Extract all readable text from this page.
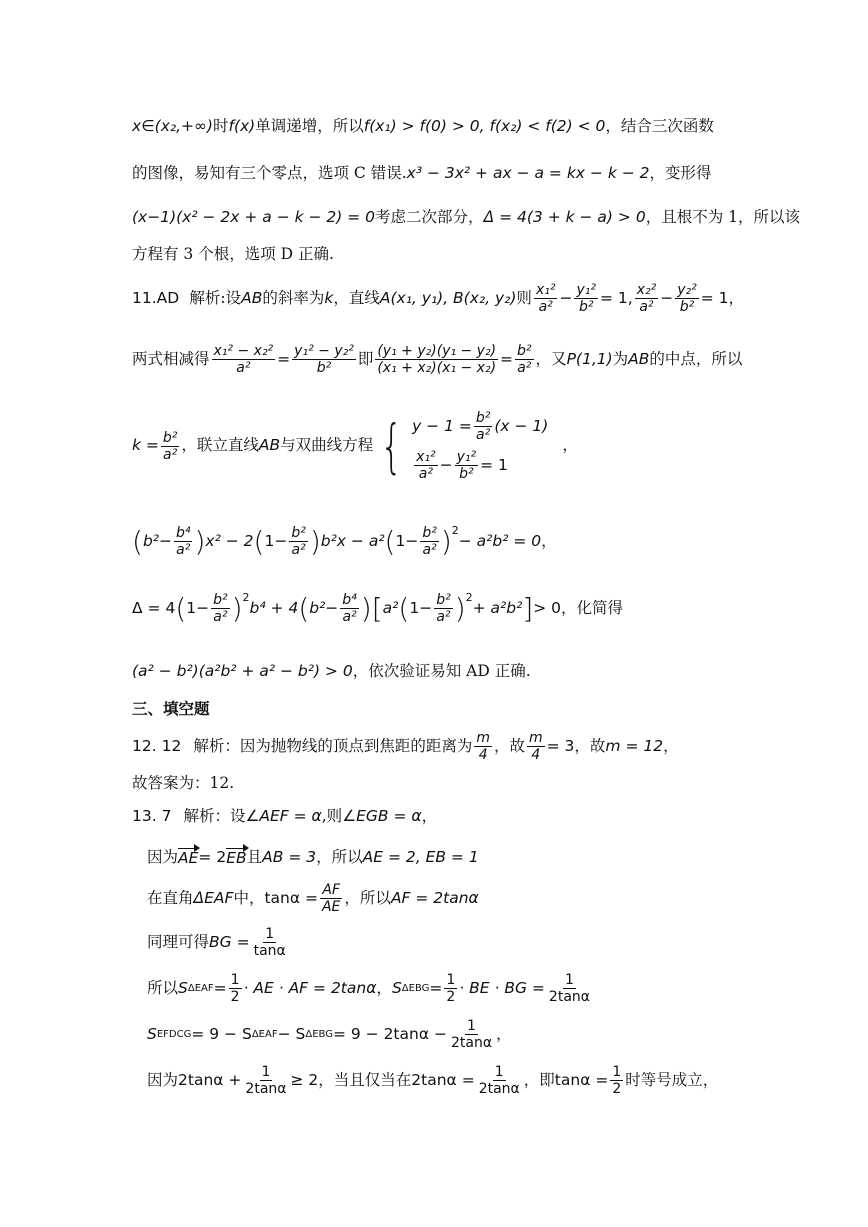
x∈(x₂,+∞) 时 f(x) 单调递增，所以 f(x₁) > f(0) > 0, f(x₂) < f(2) < 0 ，结合三次函数
的图像，易知有三个零点，选项 C 错误. x³ − 3x² + ax − a = kx − k − 2 ，变形得
(x−1)(x² − 2x + a − k − 2) = 0 考虑二次部分， Δ = 4(3 + k − a) > 0 ，且根不为 1，所以该
方程有 3 个根，选项 D 正确.
11.AD 解析:设 AB 的斜率为 k ，直线 A(x₁, y₁), B(x₂, y₂) 则 $\frac{\text{x₁²}}{\text{a²}} - \frac{\text{y₁²}}{\text{b²}} = 1$, $\frac{\text{x₂²}}{\text{a²}} - \frac{\text{y₂²}}{\text{b²}} = 1$ ，
两式相减得 $\frac{\text{x₁² − x₂²}}{\text{a²}} = \frac{\text{y₁² − y₂²}}{\text{b²}}$ 即 $\frac{\text{(y₁ + y₂)(y₁ − y₂)}}{\text{(x₁ + x₂)(x₁ − x₂)}} = \frac{\text{b²}}{\text{a²}}$ ，又 P(1,1) 为 AB 的中点，所以
$k = \frac{\text{b²}}{\text{a²}}$ ，联立直线 AB 与双曲线方程 { $y - 1 = \frac{\text{b²}}{\text{a²}} (x - 1)$
$\frac{\text{x₁²}}{\text{a²}} - \frac{\text{y₁²}}{\text{b²}} = 1$
，
( $b^2- \frac{\text{b⁴}}{\text{a²}}$ ) x² − 2 ( $1- \frac{\text{b²}}{\text{a²}}$ ) b²x − a² ( $1- \frac{\text{b²}}{\text{a²}}$ ) 2
− a²b² = 0 ，
Δ = 4 ( $1- \frac{\text{b²}}{\text{a²}}$ ) 2
b⁴ + 4 ( $b^2- \frac{\text{b⁴}}{\text{a²}}$ ) [ a² ( $1- \frac{\text{b²}}{\text{a²}}$ ) 2
+ a²b² ] > 0 ，化简得
(a² − b²)(a²b² + a² − b²) > 0 ，依次验证易知 AD 正确.
三、填空题
12. 12 解析：因为抛物线的顶点到焦距的距离为 $\frac{m}{4}$ ，故 $\frac{m}{4} = 3$ ，故 m = 12 ，
故答案为：12.
13. 7 解析：设 ∠AEF = α ,则 ∠EGB = α ，
因为 AE = 2 EB 且 AB = 3 ，所以 AE = 2, EB = 1
在直角 ΔEAF 中， $\tan\alpha = \frac{AF}{AE}$ ，所以 AF = 2tanα
同理可得 BG = $\frac{1}{\tan\alpha}$
所以 S $\Delta EAF = \frac{1}{2}$ · AE · AF = 2tanα ， S $\Delta EBG = \frac{1}{2}$ · BE · BG = $\frac{1}{2\tan\alpha}$
S EFDCG = 9 − S ΔEAF − S $\Delta EBG = 9 - 2\tan\alpha - \frac{1}{2\tan\alpha}$ ，
因为 $2\tan\alpha + \frac{1}{2\tan\alpha} \ge 2$ ，当且仅当在 $2\tan\alpha = \frac{1}{2\tan\alpha}$ ，即 $\tan\alpha = \frac{1}{2}$ 时等号成立，
